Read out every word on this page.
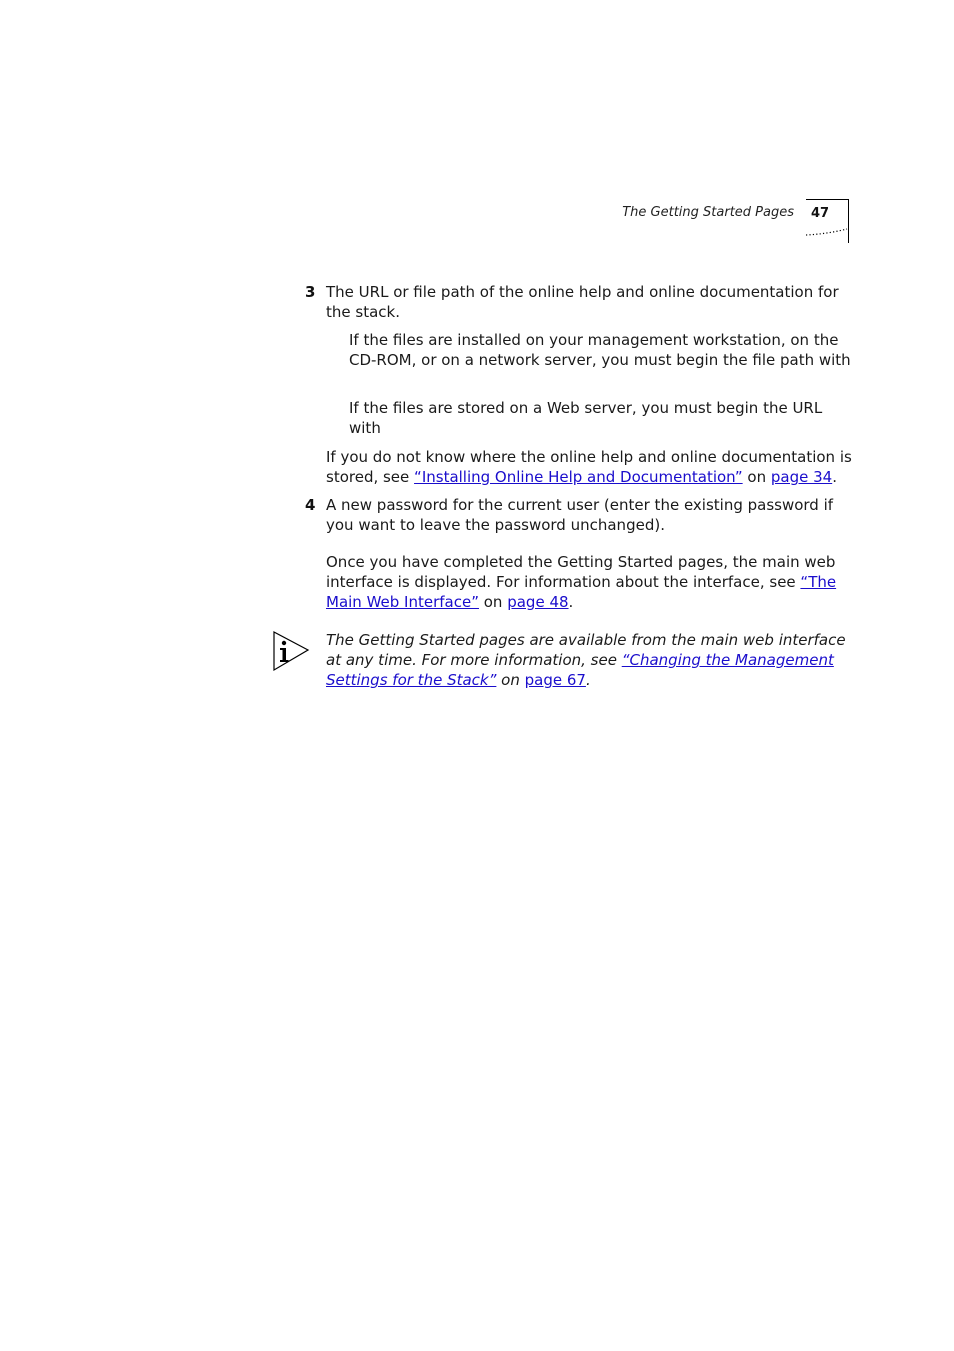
The Getting Started Pages 47
3 The URL or file path of the online help and online documentation for the stack.
If the files are installed on your management workstation, on the CD-ROM, or on a network server, you must begin the file path with
If the files are stored on a Web server, you must begin the URL with
If you do not know where the online help and online documentation is stored, see “Installing Online Help and Documentation” on page 34.
4 A new password for the current user (enter the existing password if you want to leave the password unchanged).
Once you have completed the Getting Started pages, the main web interface is displayed. For information about the interface, see “The Main Web Interface” on page 48.
The Getting Started pages are available from the main web interface at any time. For more information, see “Changing the Management Settings for the Stack” on page 67.
